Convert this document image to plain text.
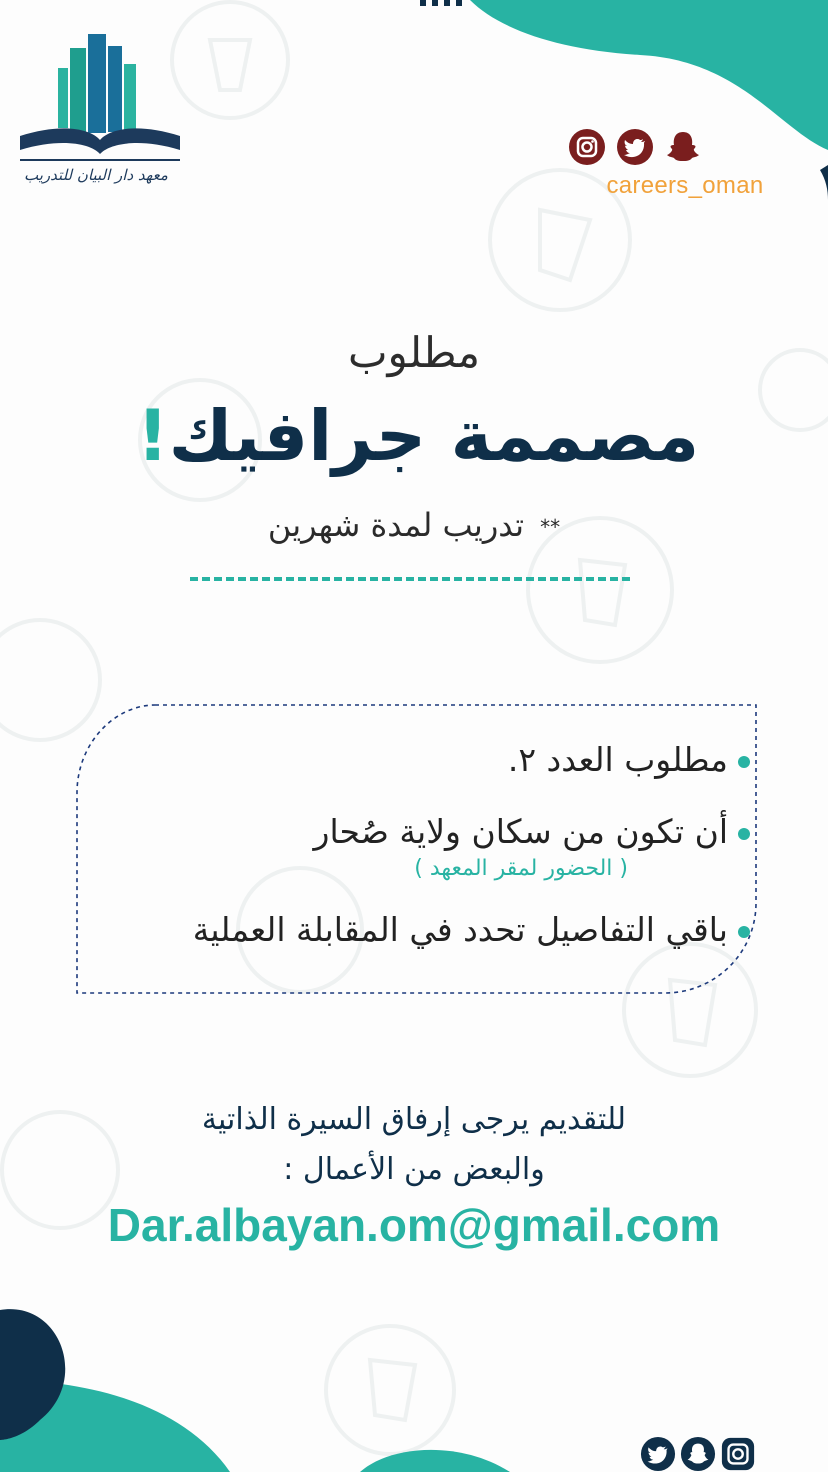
معهد دار البيان للتدريب	careers_oman
مطلوب
مصممة جرافيك!
** تدريب لمدة شهرين
مطلوب العدد ٢.
أن تكون من سكان ولاية صُحار
( الحضور لمقر المعهد )
باقي التفاصيل تحدد في المقابلة العملية
للتقديم يرجى إرفاق السيرة الذاتية
والبعض من الأعمال :
Dar.albayan.om@gmail.com
